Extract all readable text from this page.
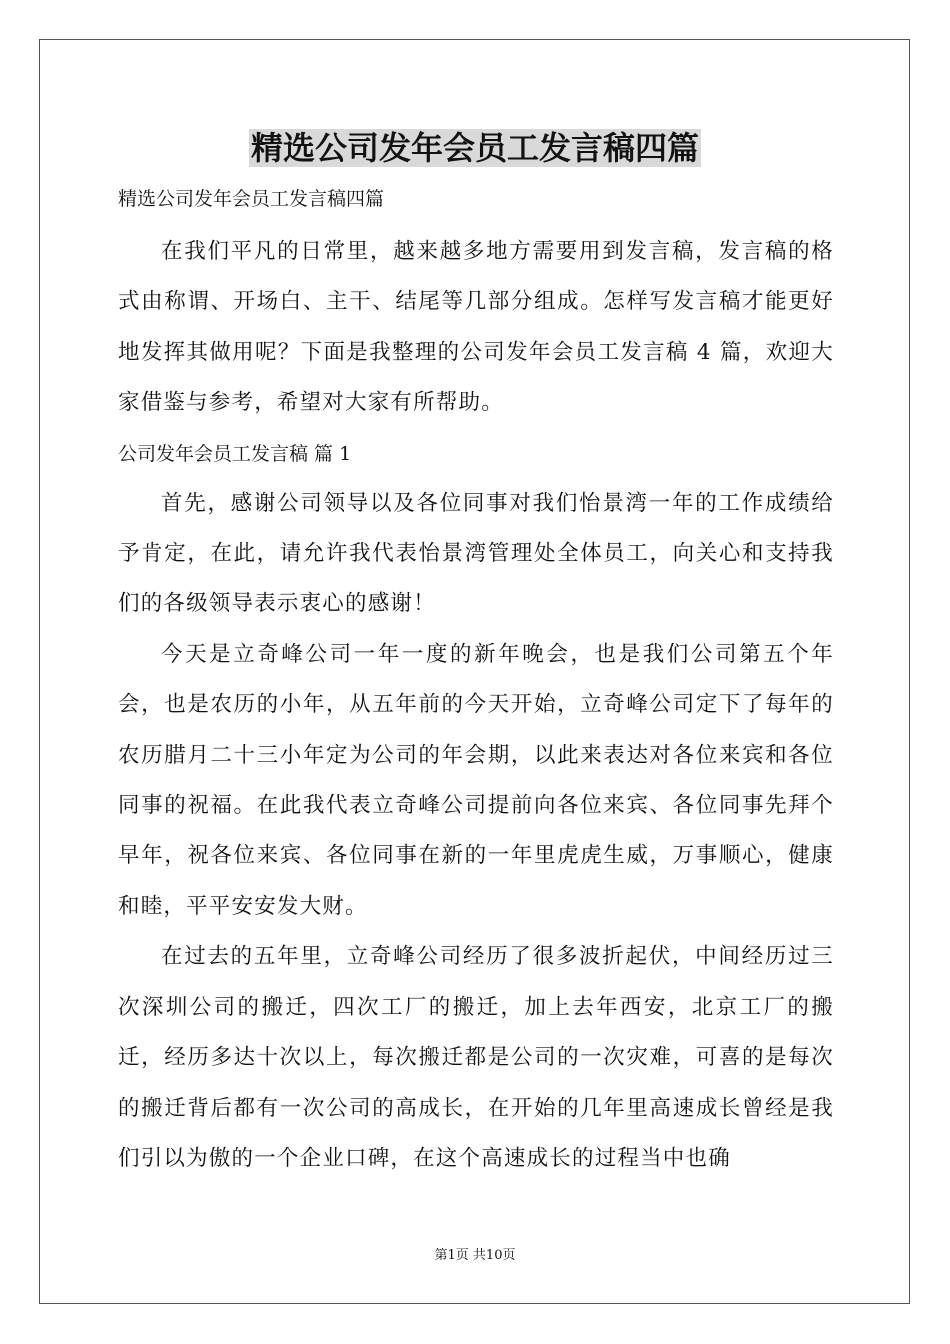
精选公司发年会员工发言稿四篇

精选公司发年会员工发言稿四篇

在我们平凡的日常里，越来越多地方需要用到发言稿，发言稿的格式由称谓、开场白、主干、结尾等几部分组成。怎样写发言稿才能更好地发挥其做用呢？下面是我整理的公司发年会员工发言稿 4 篇，欢迎大家借鉴与参考，希望对大家有所帮助。

公司发年会员工发言稿 篇 1

首先，感谢公司领导以及各位同事对我们怡景湾一年的工作成绩给予肯定，在此，请允许我代表怡景湾管理处全体员工，向关心和支持我们的各级领导表示衷心的感谢！

今天是立奇峰公司一年一度的新年晚会，也是我们公司第五个年会，也是农历的小年，从五年前的今天开始，立奇峰公司定下了每年的农历腊月二十三小年定为公司的年会期，以此来表达对各位来宾和各位同事的祝福。在此我代表立奇峰公司提前向各位来宾、各位同事先拜个早年，祝各位来宾、各位同事在新的一年里虎虎生威，万事顺心，健康和睦，平平安安发大财。

在过去的五年里，立奇峰公司经历了很多波折起伏，中间经历过三次深圳公司的搬迁，四次工厂的搬迁，加上去年西安，北京工厂的搬迁，经历多达十次以上，每次搬迁都是公司的一次灾难，可喜的是每次的搬迁背后都有一次公司的高成长，在开始的几年里高速成长曾经是我们引以为傲的一个企业口碑，在这个高速成长的过程当中也确

第1页 共10页
